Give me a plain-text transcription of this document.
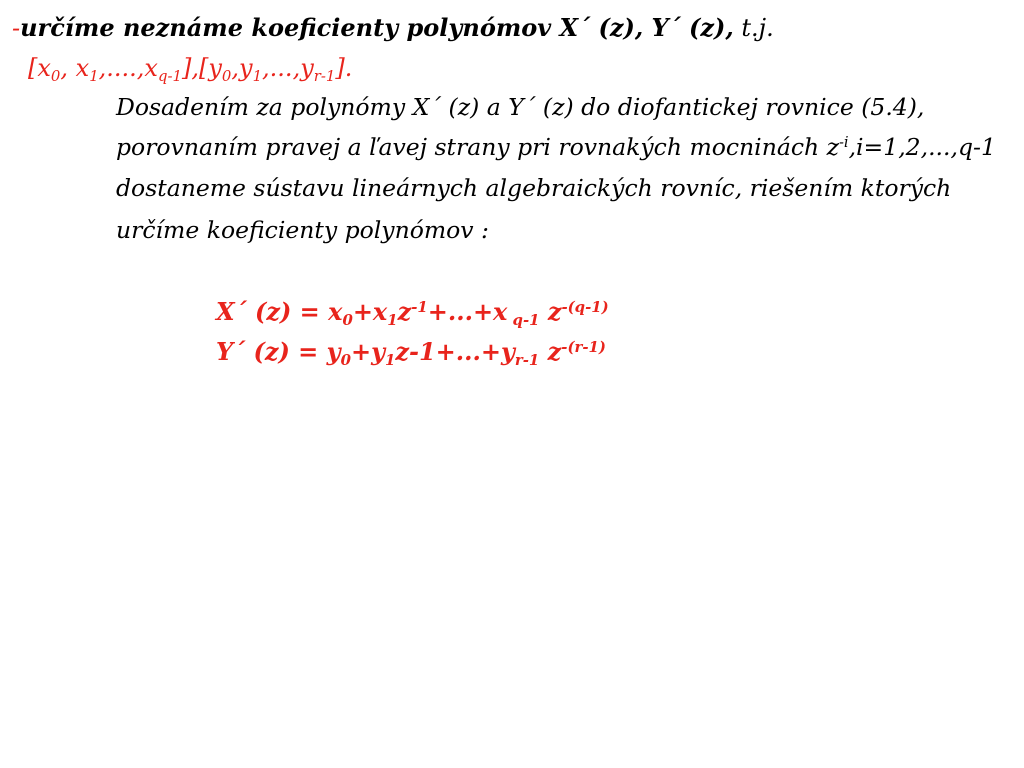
-určíme neznáme koeficienty polynómov X´ (z), Y´ (z), t.j.
[$x_0$, $x_1,....,x_{q-1}],[y_0,y_1,...,y_{r-1}]$.
Dosadením za polynómy X´ (z) a Y´ (z) do diofantickej rovnice (5.4),
porovnaním pravej a ľavej strany pri rovnakých mocninách $z^{-i},i=1,2,...,q-1$
dostaneme sústavu lineárnych algebraických rovníc, riešením ktorých
určíme koeficienty polynómov :
X´ $(z) = x_0+x_1z^{-1}+...+x$ $_{q-1}$ $z^{-(q-1)}$
Y´ $(z) = y_0+y_1z-1+...+y_{r-1}$ $z^{-(r-1)}$
